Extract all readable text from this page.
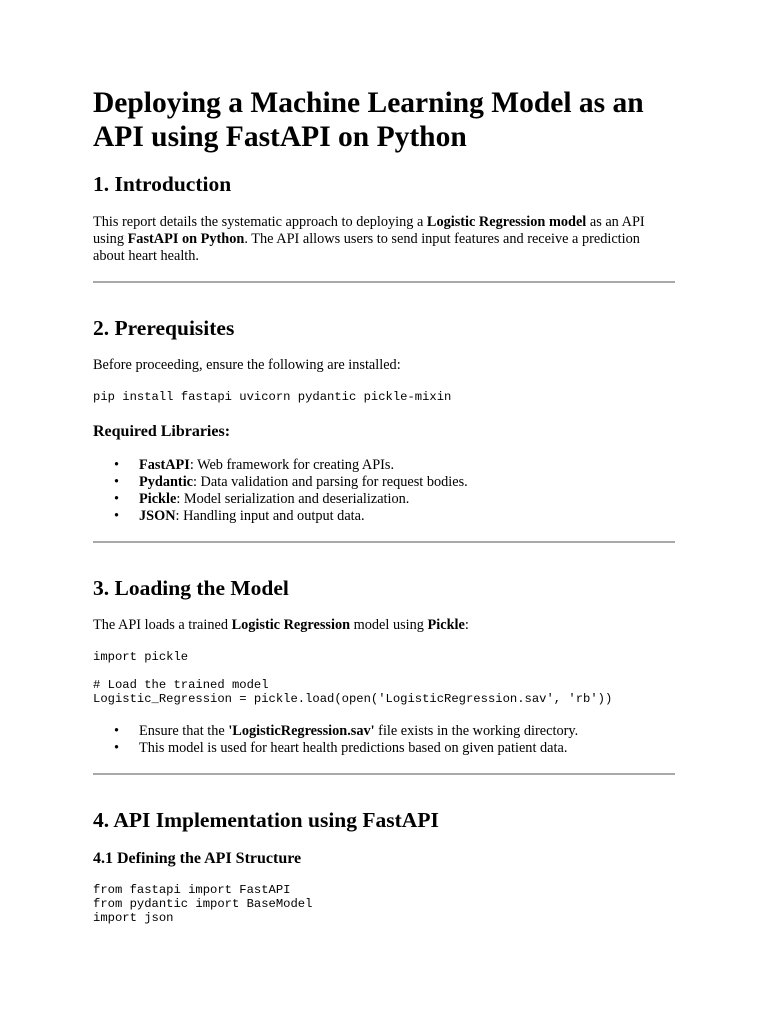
Deploying a Machine Learning Model as an API using FastAPI on Python
1. Introduction

This report details the systematic approach to deploying a Logistic Regression model as an API using FastAPI on Python. The API allows users to send input features and receive a prediction about heart health.

2. Prerequisites

Before proceeding, ensure the following are installed:

pip install fastapi uvicorn pydantic pickle-mixin
Required Libraries:
• FastAPI: Web framework for creating APIs.
• Pydantic: Data validation and parsing for request bodies.
• Pickle: Model serialization and deserialization.
• JSON: Handling input and output data.
3. Loading the Model

The API loads a trained Logistic Regression model using Pickle:

import pickle

# Load the trained model
Logistic_Regression = pickle.load(open('LogisticRegression.sav', 'rb'))
• Ensure that the 'LogisticRegression.sav' file exists in the working directory.
• This model is used for heart health predictions based on given patient data.
4. API Implementation using FastAPI
4.1 Defining the API Structure
from fastapi import FastAPI
from pydantic import BaseModel
import json
